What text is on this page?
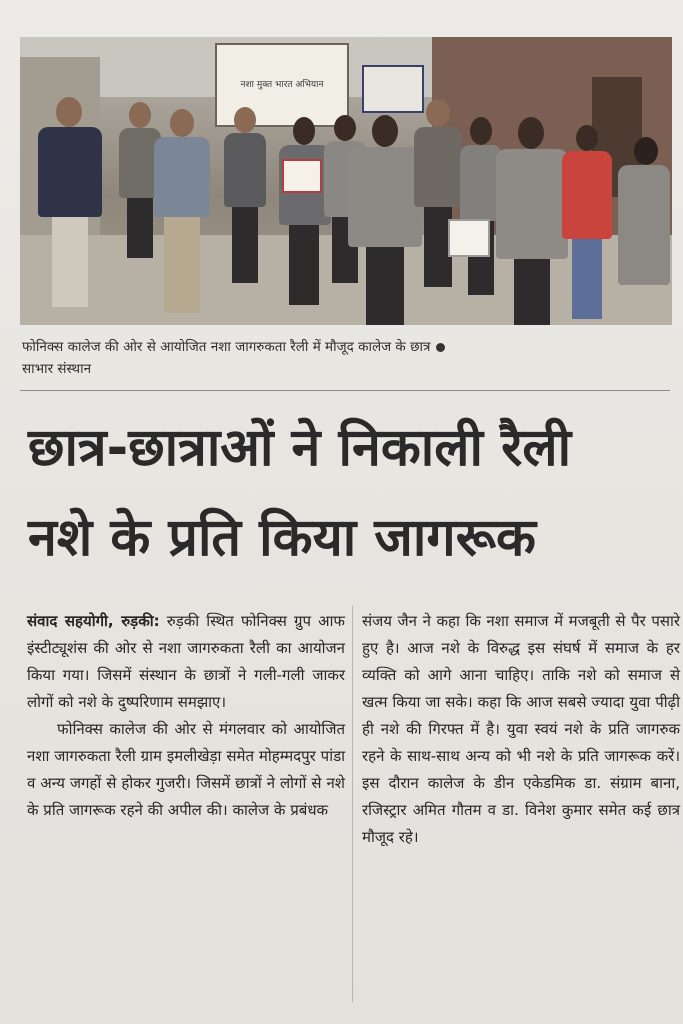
नशा मुक्त भारत अभियान
फोनिक्स कालेज की ओर से आयोजित नशा जागरुकता रैली में मौजूद कालेज के छात्र
साभार संस्थान
छात्र-छात्राओं ने निकाली रैली
नशे के प्रति किया जागरूक

संवाद सहयोगी, रुड़की: रुड़की स्थित फोनिक्स ग्रुप आफ इंस्टीट्यूशंस की ओर से नशा जागरुकता रैली का आयोजन किया गया। जिसमें संस्थान के छात्रों ने गली-गली जाकर लोगों को नशे के दुष्परिणाम समझाए।

फोनिक्स कालेज की ओर से मंगलवार को आयोजित नशा जागरुकता रैली ग्राम इमलीखेड़ा समेत मोहम्मदपुर पांडा व अन्य जगहों से होकर गुजरी। जिसमें छात्रों ने लोगों से नशे के प्रति जागरूक रहने की अपील की। कालेज के प्रबंधक

संजय जैन ने कहा कि नशा समाज में मजबूती से पैर पसारे हुए है। आज नशे के विरुद्ध इस संघर्ष में समाज के हर व्यक्ति को आगे आना चाहिए। ताकि नशे को समाज से खत्म किया जा सके। कहा कि आज सबसे ज्यादा युवा पीढ़ी ही नशे की गिरफ्त में है। युवा स्वयं नशे के प्रति जागरुक रहने के साथ-साथ अन्य को भी नशे के प्रति जागरूक करें। इस दौरान कालेज के डीन एकेडमिक डा. संग्राम बाना, रजिस्ट्रार अमित गौतम व डा. विनेश कुमार समेत कई छात्र मौजूद रहे।
